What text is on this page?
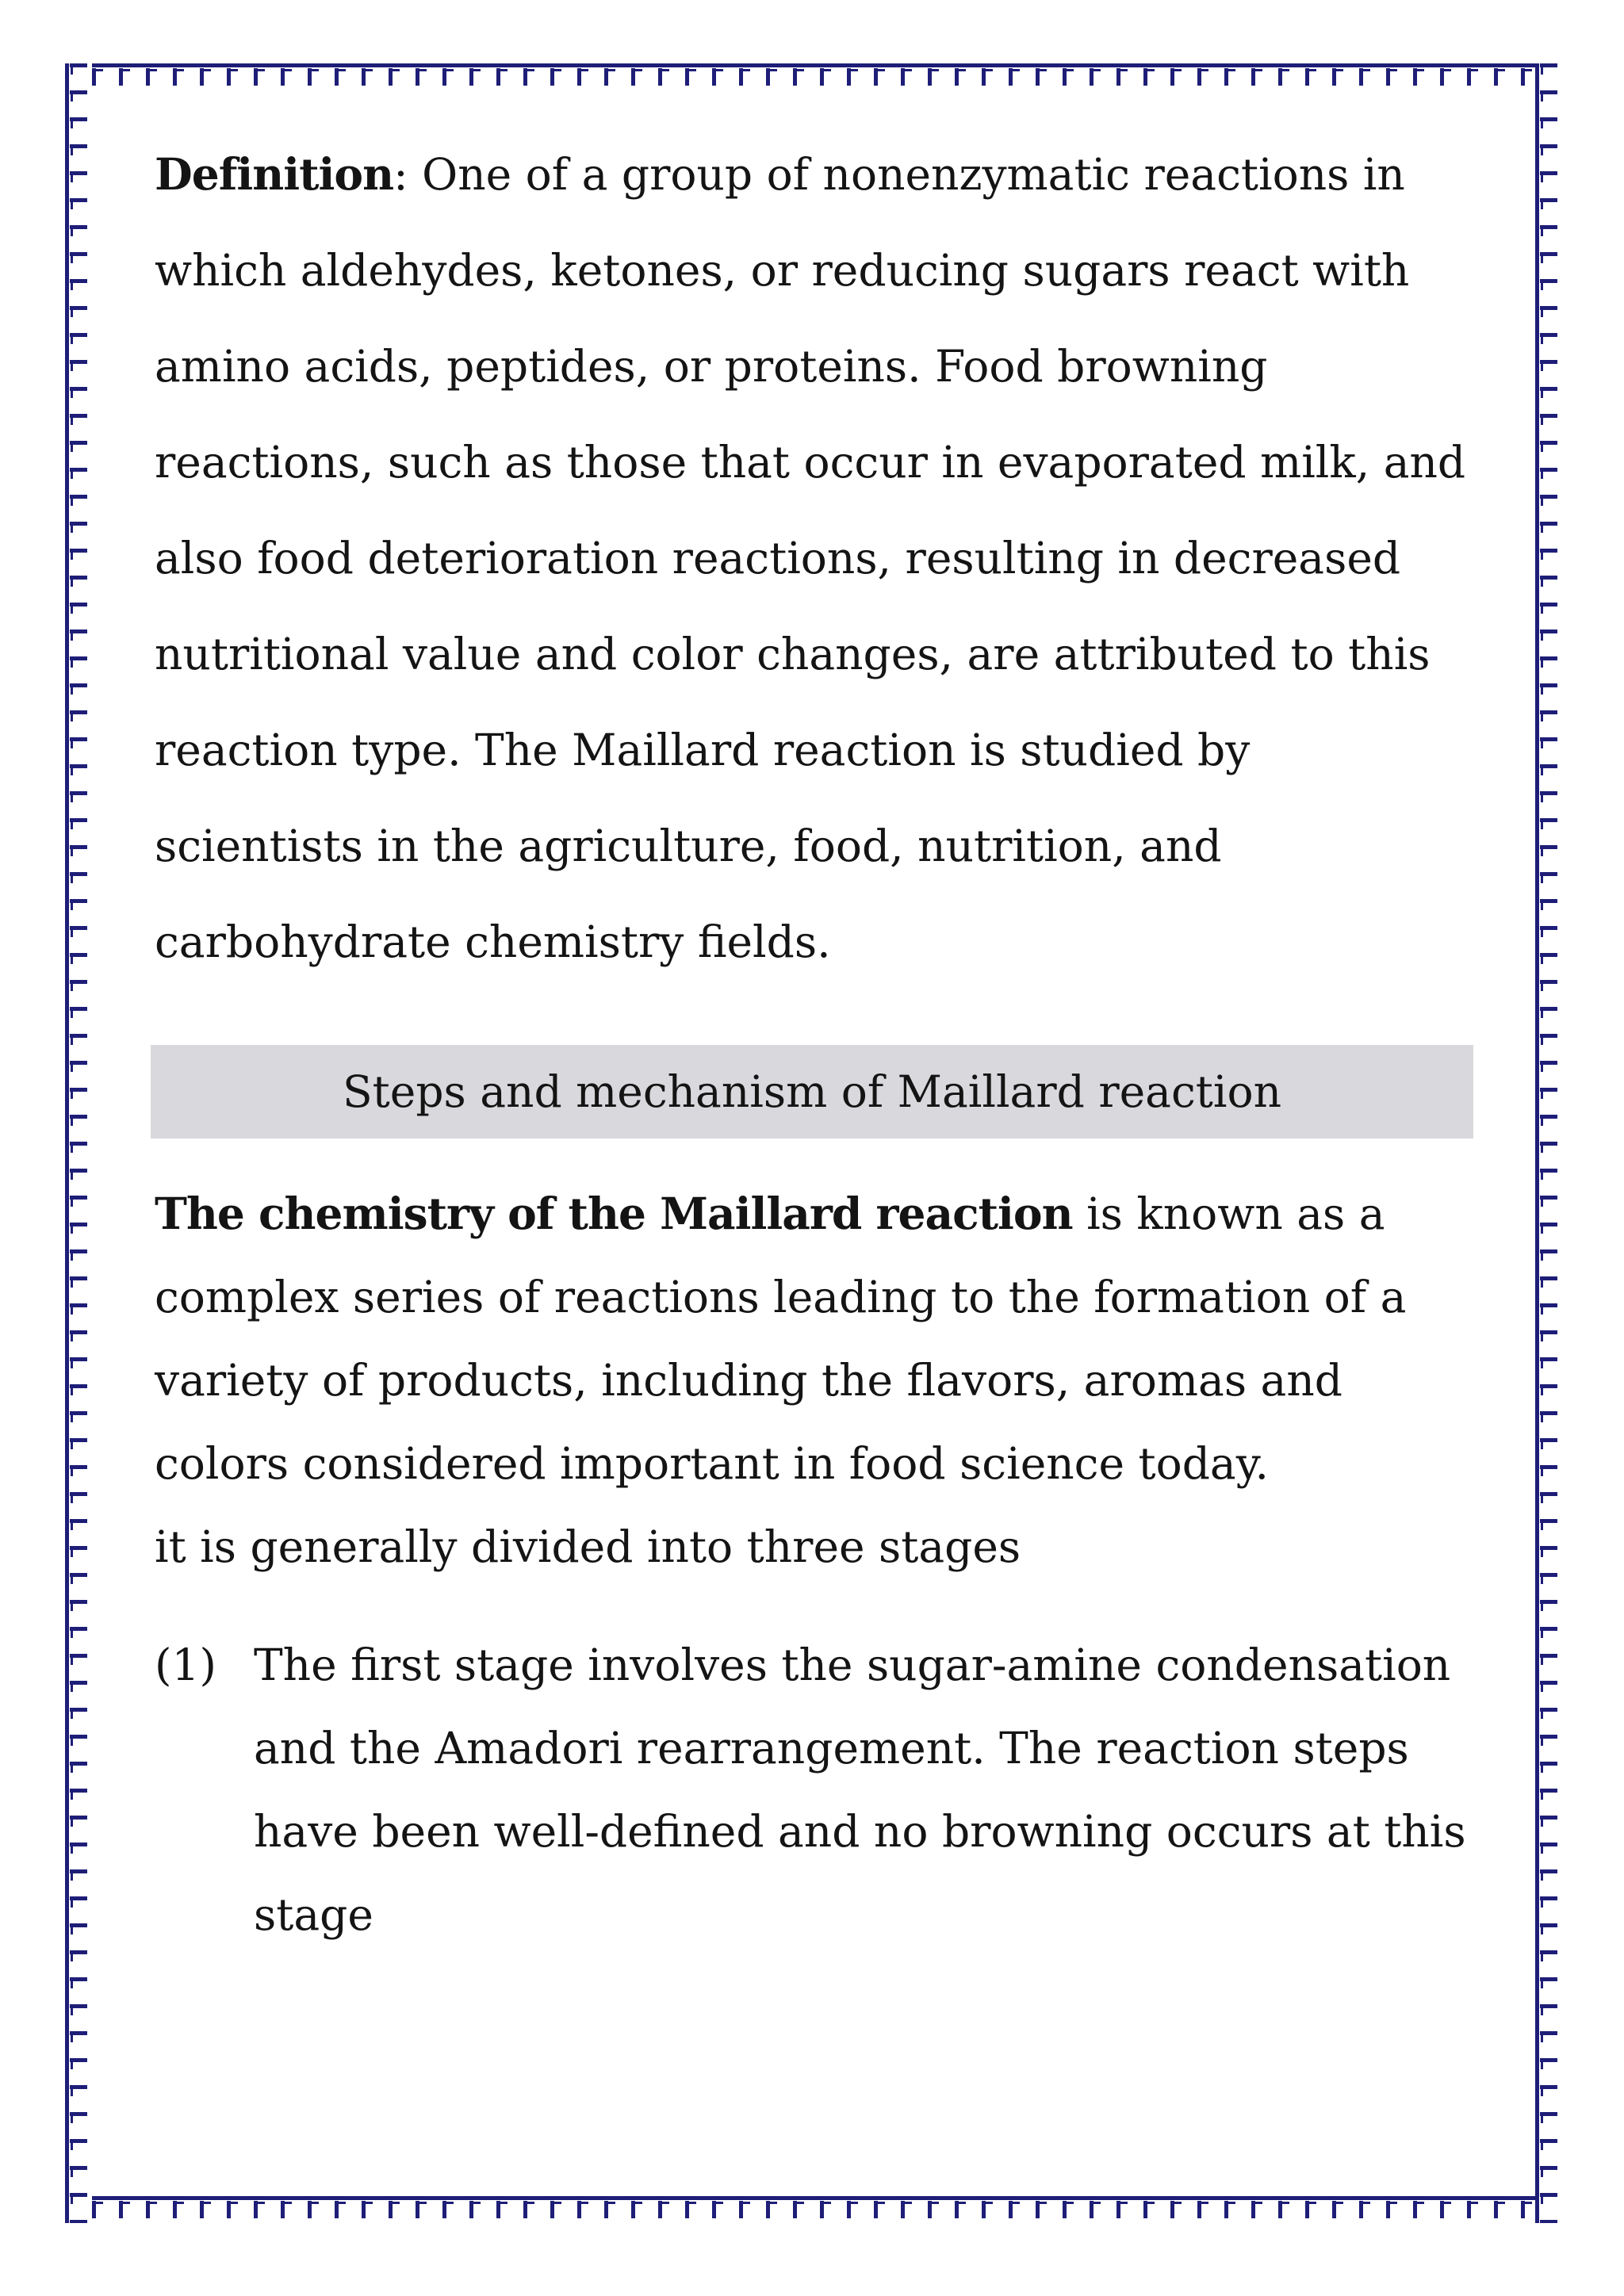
Definition: One of a group of nonenzymatic reactions in which aldehydes, ketones, or reducing sugars react with amino acids, peptides, or proteins. Food browning reactions, such as those that occur in evaporated milk, and also food deterioration reactions, resulting in decreased nutritional value and color changes, are attributed to this reaction type. The Maillard reaction is studied by scientists in the agriculture, food, nutrition, and carbohydrate chemistry fields.

Steps and mechanism of Maillard reaction

The chemistry of the Maillard reaction is known as a complex series of reactions leading to the formation of a variety of products, including the flavors, aromas and colors considered important in food science today.
it is generally divided into three stages

(1) The first stage involves the sugar-amine condensation and the Amadori rearrangement. The reaction steps have been well-defined and no browning occurs at this stage
